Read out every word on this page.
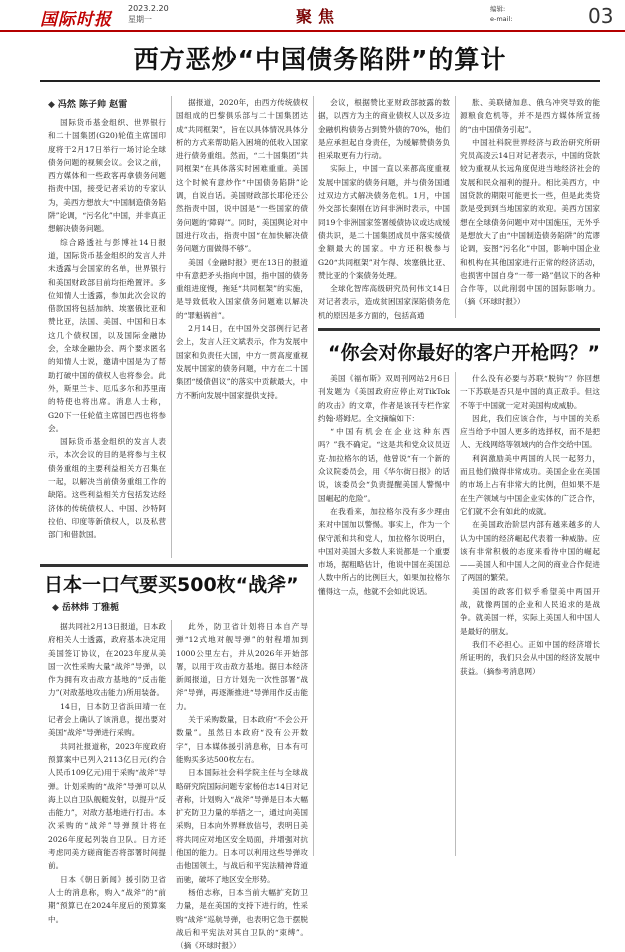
国际时报
2023.2.20
星期一	聚焦	编辑:
e-mail:	03
西方恶炒“中国债务陷阱”的算计
◆ 冯然 陈子帅 赵雷

国际货币基金组织、世界银行和二十国集团(G20)轮值主席国印度将于2月17日举行一场讨论全球债务问题的视频会议。会议之前，西方媒体和一些政客再拿债务问题指责中国，接受记者采访的专家认为，美西方想放大“中国制造债务陷阱”论调，“污名化”中国，并非真正想解决债务问题。

综合路透社与彭博社14日报道，国际货币基金组织的发言人并未透露与会国家的名单，世界银行和美国财政部目前均拒绝置评。多位知情人士透露，参加此次会议的借款国将包括加纳、埃塞俄比亚和赞比亚，法国、美国、中国和日本这几个债权国，以及国际金融协会，全球金融协会、两个要求匿名的知情人士说，邀请中国是为了帮助打破中国的债权人也将参会。此外，斯里兰卡、厄瓜多尔和苏里南的特使也将出席。消息人士称，G20下一任轮值主席国巴西也将参会。

国际货币基金组织的发言人表示，本次会议的目的是将参与主权债务重组的主要利益相关方召集在一起，以解决当前债务重组工作的缺陷。这些利益相关方包括发达经济体的传统债权人、中国、沙特阿拉伯、印度等新债权人，以及私营部门和借款国。

据报道，2020年，由西方传统债权国组成的巴黎俱乐部与二十国集团达成“共同框架”，旨在以具体情况具体分析的方式来帮助陷入困境的低收入国家进行债务重组。然而，“二十国集团”共同框架“在具体落实时困难重重。美国这个时候有意炒作“中国债务陷阱”论调，自说自话。美国财政部长耶伦还公然指责中国，说中国是“一些国家的债务问题的‘障碍’”。同时，美国舆论对中国进行攻击，指责中国“在加快解决债务问题方面做得不够”。

美国《金融时报》更在13日的报道中有意把矛头指向中国，指中国的债务重组进度慢，拖延“共同框架”的实施，是导致低收入国家债务问题难以解决的“罪魁祸首”。

2月14日，在中国外交部例行记者会上，发言人汪文斌表示，作为发展中国家和负责任大国，中方一贯高度重视发展中国家的债务问题，中方在二十国集团“缓债倡议”的落实中贡献最大，中方不断向发展中国家提供支持。

会议，根据赞比亚财政部披露的数据，以西方为主的商业债权人以及多边金融机构债务占到赞外债的70%，他们是应承担起自身责任，为缓解赞债务负担采取更有力行动。

实际上，中国一直以来都高度重视发展中国家的债务问题，并与债务国通过双边方式解决债务危机。1月，中国外交部长秦刚在访问非洲时表示，中国同19个非洲国家签署缓债协议或达成缓债共识，是二十国集团成员中落实缓债金额最大的国家。中方还积极参与G20“共同框架”对乍得、埃塞俄比亚、赞比亚的个案债务处理。

全球化智库高级研究员何伟文14日对记者表示，造成贫困国家深陷债务危机的原因是多方面的，包括高通

胀、美联储加息、俄乌冲突导致的能源粮食危机等，并不是西方媒体所宣扬的“由中国债务引起”。

中国社科院世界经济与政治研究所研究员高凌云14日对记者表示，中国的贷款较为重视从长远角度促进当地经济社会的发展和民众福利的提升。相比美西方，中国贷款的期限可能更长一些，但是此类贷款是受到到当地国家的欢迎。美西方国家想在全球债务问题中对中国施压，无外乎是想放大了由“中国制造债务陷阱”的荒谬论调，妄图“污名化”中国，影响中国企业和机构在其他国家进行正常的经济活动，也损害中国自身“一带一路”倡议下的各种合作等，以此削弱中国的国际影响力。（摘《环球时报》）

日本一口气要买500枚“战斧”
◆ 岳林炜 丁雅栀

据共同社2月13日报道，日本政府相关人士透露，政府基本决定用美国签订协议，在2023年度从美国一次性采购大量“战斧”导弹，以作为拥有攻击敌方基地的“反击能力”(对敌基地攻击能力)所用装备。

14日，日本防卫省浜田靖一在记者会上确认了该消息，提出要对美国“战斧”导弹进行采购。

共同社报道称，2023年度政府预算案中已列入2113亿日元(约合人民币109亿元)用于采购“战斧”导弹。计划采购的“战斧”导弹可以从海上以自卫队舰艇发射，以提升“反击能力”，对敌方基地进行打击。本次采购的“战斧”导弹预计将在2026年度起列装自卫队。日方还考虑同美方磋商能否将部署时间提前。

日本《朝日新闻》援引防卫省人士的消息称，购入“战斧”的“前期”预算已在2024年度后的预算案中。

此外，防卫省计划将日本自产导弹“12式地对舰导弹”的射程增加到1000公里左右，并从2026年开始部署，以用于攻击敌方基地。据日本经济新闻报道，日方计划先一次性部署“战斧”导弹，再逐渐推进“导弹用作反击能力。

关于采购数量，日本政府“不会公开数量”。虽然日本政府“没有公开数字”，日本媒体援引消息称，日本有可能购买多达500枚左右。

日本国际社会科学院主任与全球战略研究院国际问题专家杨伯志14日对记者称，计划购入“战斧”导弹是日本大幅扩充防卫力量的举措之一，通过向美国采购，日本向外界释放信号，表明日美将共同应对地区安全局面，并增强对抗他国的能力。日本可以利用这些导弹攻击他国领土，与战后和平宪法精神背道而驰，破坏了地区安全形势。

杨伯志称，日本当前大幅扩充防卫力量，是在美国的支持下进行的，性采购“战斧”巡航导弹，也表明它急于摆脱战后和平宪法对其自卫队的“束缚”。（摘《环球时报》）

“你会对你最好的客户开枪吗？”

美国《福布斯》双周刊网站2月6日刊发题为《美国政府应停止对TikTok的攻击》的文章，作者是该刊专栏作家约翰·塔姆尼。全文摘编如下：

“中国有机会在企业这种东西吗？”我不确定。“这是共和党众议员迈克·加拉格尔的话，他曾说“有一个新的众议院委员会，用《华尔街日报》的话说，该委员会“负责提醒美国人警惕中国崛起的危险”。

在我看来，加拉格尔没有多少理由来对中国加以警惕。事实上，作为一个保守派和共和党人，加拉格尔说明白，中国对美国大多数人来说都是一个重要市场，据粗略估计，他说中国在美国总人数中所占的比例巨大，如果加拉格尔懂得这一点，他就不会如此说话。

什么没有必要与苏联“脱钩”？你回想一下苏联是否只是中国的真正敌手。但这不等于中国就一定对美国构成威胁。

因此，我们应该合作，与中国的关系应当给予中国人更多的选择权，而不是把人、无线网络等领域内的合作交给中国。

利润激励美中两国的人民一起努力，而且他们做得非常成功。美国企业在美国的市场上占有非常大的比例，但如果不是在生产领域与中国企业实体的广泛合作，它们就不会有如此的成就。

在美国政治阶层内部有越来越多的人认为中国的经济崛起代表着一种威胁。应该有非常积极的态度来看待中国的崛起——美国人和中国人之间的商业合作促进了两国的繁荣。

美国的政客们似乎希望美中两国开战，就像两国的企业和人民追求的是战争。就美国一样，实际上美国人和中国人是最好的朋友。

我们不必担心。正如中国的经济增长所证明的，我们只会从中国的经济发展中获益。（摘参考消息网）
